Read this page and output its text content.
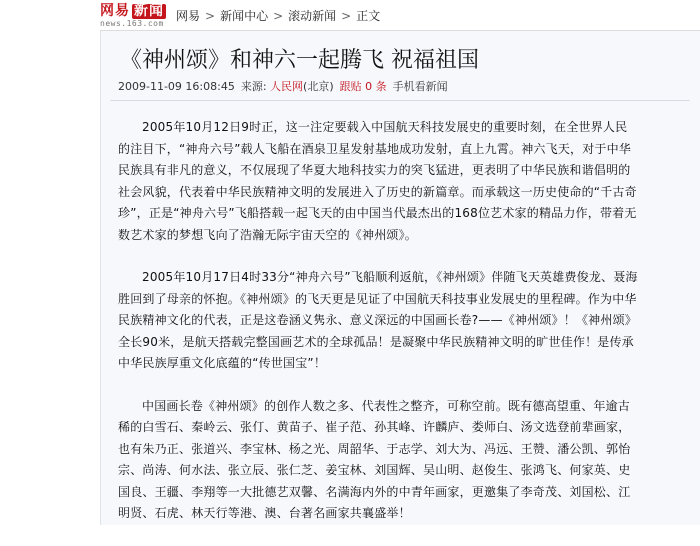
网易 新闻
news.163.com
网易 > 新闻中心 > 滚动新闻 > 正文
《神州颂》和神六一起腾飞 祝福祖国
2009-11-09 16:08:45 来源: 人民网(北京) 跟贴 0 条 手机看新闻

2005年10月12日9时正，这一注定要载入中国航天科技发展史的重要时刻，在全世界人民的注目下，“神舟六号”载人飞船在酒泉卫星发射基地成功发射，直上九霄。神六飞天，对于中华民族具有非凡的意义，不仅展现了华夏大地科技实力的突飞猛进，更表明了中华民族和谐倡明的社会风貌，代表着中华民族精神文明的发展进入了历史的新篇章。而承载这一历史使命的“千古奇珍”，正是“神舟六号”飞船搭载一起飞天的由中国当代最杰出的168位艺术家的精品力作，带着无数艺术家的梦想飞向了浩瀚无际宇宙天空的《神州颂》。

2005年10月17日4时33分“神舟六号”飞船顺利返航，《神州颂》伴随飞天英雄费俊龙、聂海胜回到了母亲的怀抱。《神州颂》的飞天更是见证了中国航天科技事业发展史的里程碑。作为中华民族精神文化的代表，正是这卷涵义隽永、意义深远的中国画长卷?——《神州颂》！《神州颂》全长90米，是航天搭载完整国画艺术的全球孤品！是凝聚中华民族精神文明的旷世佳作！是传承中华民族厚重文化底蕴的“传世国宝”！

中国画长卷《神州颂》的创作人数之多、代表性之整齐，可称空前。既有德高望重、年逾古稀的白雪石、秦岭云、张仃、黄苗子、崔子范、孙其峰、许麟庐、娄师白、汤文选登前辈画家，也有朱乃正、张道兴、李宝林、杨之光、周韶华、于志学、刘大为、冯远、王赞、潘公凯、郭怡宗、尚涛、何水法、张立辰、张仁芝、姜宝林、刘国辉、吴山明、赵俊生、张鸿飞、何家英、史国良、王疆、李翔等一大批德艺双馨、名满海内外的中青年画家，更邀集了李奇茂、刘国松、江明贤、石虎、林天行等港、澳、台著名画家共襄盛举！
